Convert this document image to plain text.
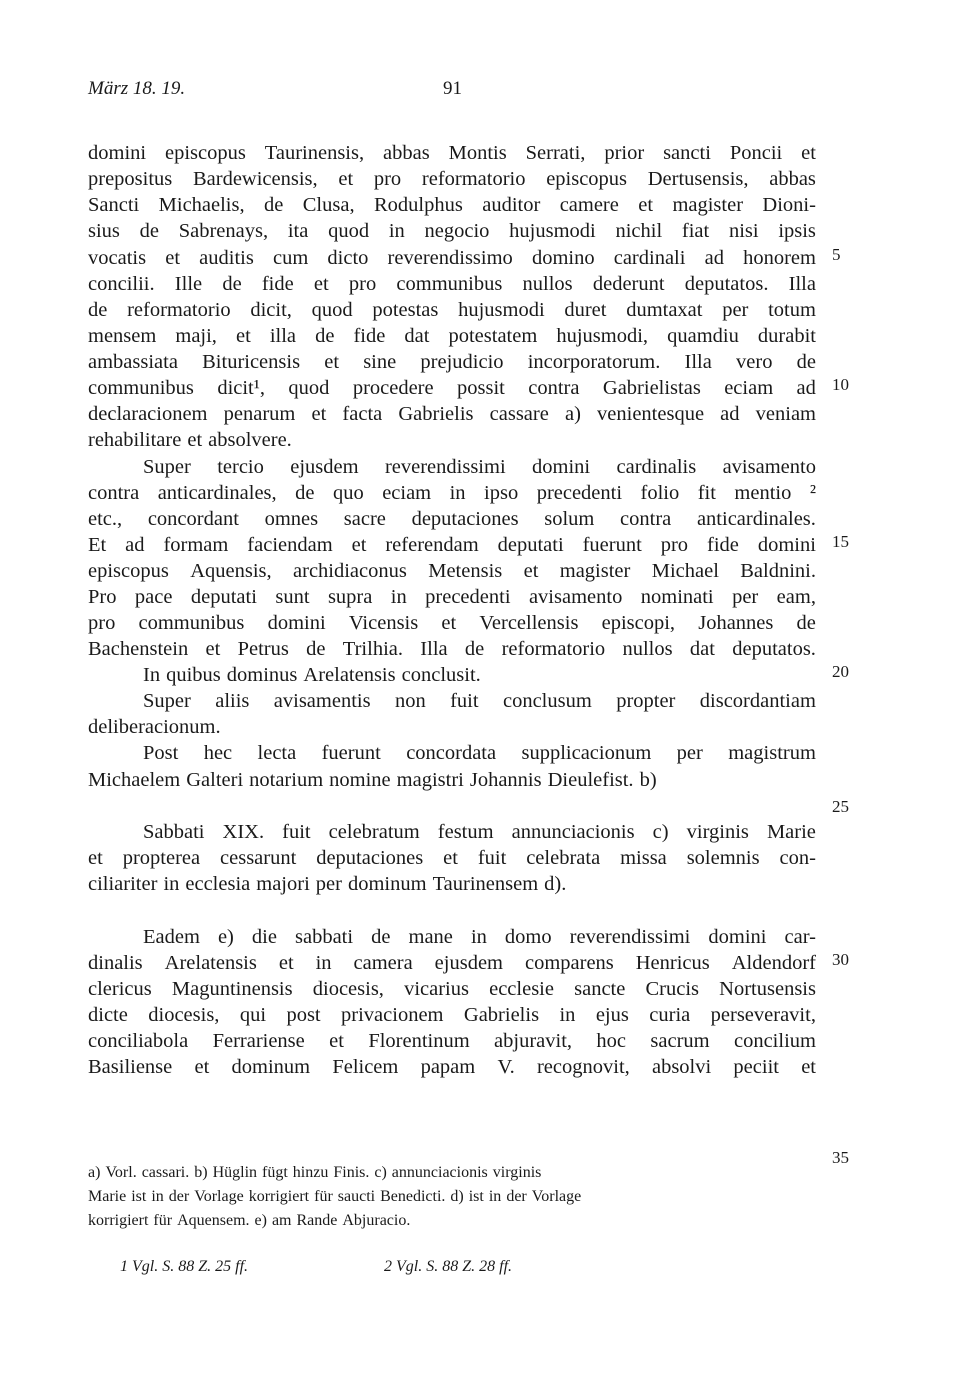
März 18. 19.	91
domini episcopus Taurinensis, abbas Montis Serrati, prior sancti Poncii et
prepositus Bardewicensis, et pro reformatorio episcopus Dertusensis, abbas
Sancti Michaelis, de Clusa, Rodulphus auditor camere et magister Dioni-
sius de Sabrenays, ita quod in negocio hujusmodi nichil fiat nisi ipsis
vocatis et auditis cum dicto reverendissimo domino cardinali ad honorem
concilii. Ille de fide et pro communibus nullos dederunt deputatos. Illa
de reformatorio dicit, quod potestas hujusmodi duret dumtaxat per totum
mensem maji, et illa de fide dat potestatem hujusmodi, quamdiu durabit
ambassiata Bituricensis et sine prejudicio incorporatorum. Illa vero de
communibus dicit¹, quod procedere possit contra Gabrielistas eciam ad
declaracionem penarum et facta Gabrielis cassare a) venientesque ad veniam
rehabilitare et absolvere.
Super tercio ejusdem reverendissimi domini cardinalis avisamento
contra anticardinales, de quo eciam in ipso precedenti folio fit mentio ²
etc., concordant omnes sacre deputaciones solum contra anticardinales.
Et ad formam faciendam et referendam deputati fuerunt pro fide domini
episcopus Aquensis, archidiaconus Metensis et magister Michael Baldnini.
Pro pace deputati sunt supra in precedenti avisamento nominati per eam,
pro communibus domini Vicensis et Vercellensis episcopi, Johannes de
Bachenstein et Petrus de Trilhia. Illa de reformatorio nullos dat deputatos.
In quibus dominus Arelatensis conclusit.
Super aliis avisamentis non fuit conclusum propter discordantiam
deliberacionum.
Post hec lecta fuerunt concordata supplicacionum per magistrum
Michaelem Galteri notarium nomine magistri Johannis Dieulefist. b)
Sabbati XIX. fuit celebratum festum annunciacionis c) virginis Marie
et propterea cessarunt deputaciones et fuit celebrata missa solemnis con-
ciliariter in ecclesia majori per dominum Taurinensem d).
Eadem e) die sabbati de mane in domo reverendissimi domini car-
dinalis Arelatensis et in camera ejusdem comparens Henricus Aldendorf
clericus Maguntinensis diocesis, vicarius ecclesie sancte Crucis Nortusensis
dicte diocesis, qui post privacionem Gabrielis in ejus curia perseveravit,
conciliabola Ferrariense et Florentinum abjuravit, hoc sacrum concilium
Basiliense et dominum Felicem papam V. recognovit, absolvi peciit et
5
10
15
20
25
30
35
a) Vorl. cassari. b) Hüglin fügt hinzu Finis. c) annunciacionis virginis
Marie ist in der Vorlage korrigiert für saucti Benedicti. d) ist in der Vorlage
korrigiert für Aquensem. e) am Rande Abjuracio.
1 Vgl. S. 88 Z. 25 ff.	2 Vgl. S. 88 Z. 28 ff.
